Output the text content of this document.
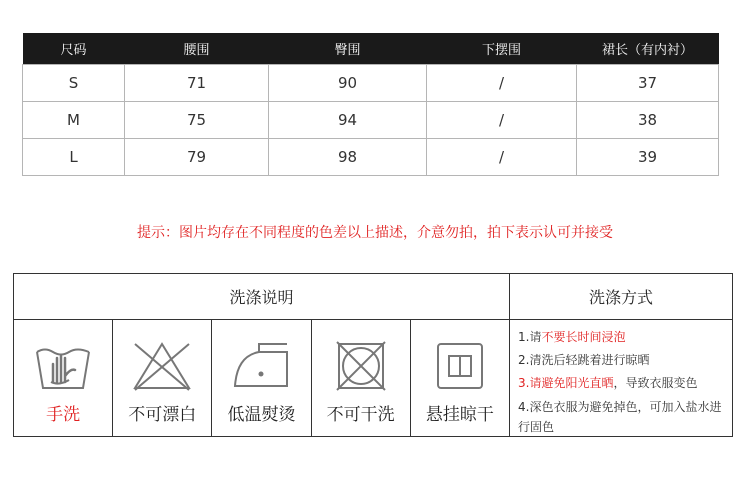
尺码	腰围	臀围	下摆围	裙长（有内衬）
S	71	90	/	37
M	75	94	/	38
L	79	98	/	39
提示：图片均存在不同程度的色差以上描述，介意勿拍，拍下表示认可并接受
洗涤说明	洗涤方式
手洗	不可漂白	低温熨烫	不可干洗	悬挂晾干
1.请不要长时间浸泡
2.清洗后轻跳着进行晾晒
3.请避免阳光直晒，导致衣服变色
4.深色衣服为避免掉色，可加入盐水进行固色
